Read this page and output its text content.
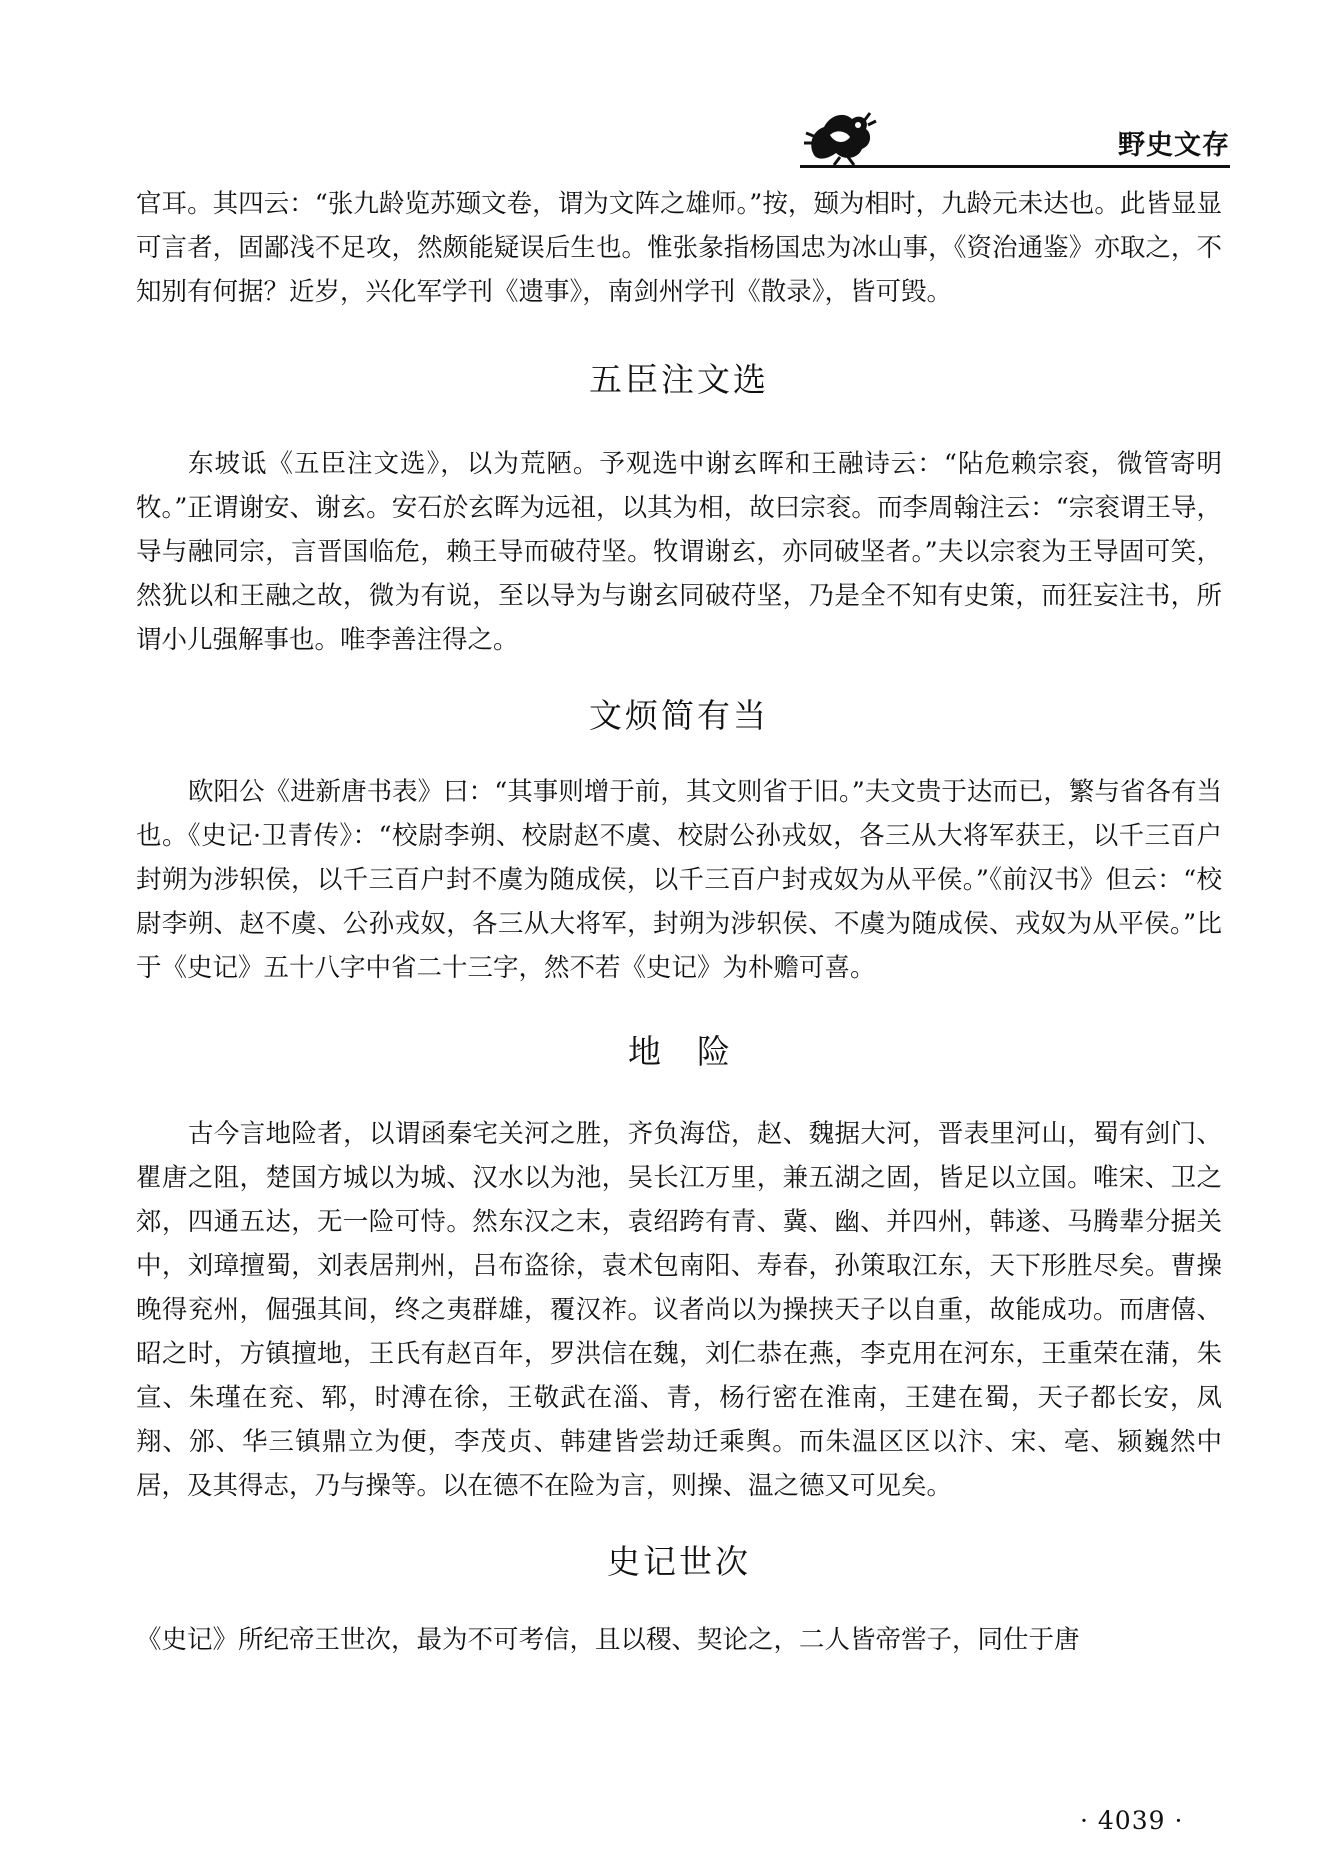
野史文存

官耳。其四云：“张九龄览苏颋文卷，谓为文阵之雄师。”按，颋为相时，九龄元未达也。此皆显显可言者，固鄙浅不足攻，然颇能疑误后生也。惟张彖指杨国忠为冰山事，《资治通鉴》亦取之，不知别有何据？近岁，兴化军学刊《遗事》，南剑州学刊《散录》，皆可毁。

五臣注文选

东坡诋《五臣注文选》，以为荒陋。予观选中谢玄晖和王融诗云：“阽危赖宗衮，微管寄明牧。”正谓谢安、谢玄。安石於玄晖为远祖，以其为相，故曰宗衮。而李周翰注云：“宗衮谓王导，导与融同宗，言晋国临危，赖王导而破苻坚。牧谓谢玄，亦同破坚者。”夫以宗衮为王导固可笑，然犹以和王融之故，微为有说，至以导为与谢玄同破苻坚，乃是全不知有史策，而狂妄注书，所谓小儿强解事也。唯李善注得之。

文烦简有当

欧阳公《进新唐书表》曰：“其事则增于前，其文则省于旧。”夫文贵于达而已，繁与省各有当也。《史记·卫青传》：“校尉李朔、校尉赵不虞、校尉公孙戎奴，各三从大将军获王，以千三百户封朔为涉轵侯，以千三百户封不虞为随成侯，以千三百户封戎奴为从平侯。”《前汉书》但云：“校尉李朔、赵不虞、公孙戎奴，各三从大将军，封朔为涉轵侯、不虞为随成侯、戎奴为从平侯。”比于《史记》五十八字中省二十三字，然不若《史记》为朴赡可喜。

地险

古今言地险者，以谓函秦宅关河之胜，齐负海岱，赵、魏据大河，晋表里河山，蜀有剑门、瞿唐之阻，楚国方城以为城、汉水以为池，吴长江万里，兼五湖之固，皆足以立国。唯宋、卫之郊，四通五达，无一险可恃。然东汉之末，袁绍跨有青、冀、幽、并四州，韩遂、马腾辈分据关中，刘璋擅蜀，刘表居荆州，吕布盗徐，袁术包南阳、寿春，孙策取江东，天下形胜尽矣。曹操晚得兖州，倔强其间，终之夷群雄，覆汉祚。议者尚以为操挟天子以自重，故能成功。而唐僖、昭之时，方镇擅地，王氏有赵百年，罗洪信在魏，刘仁恭在燕，李克用在河东，王重荣在蒲，朱宣、朱瑾在兖、郓，时溥在徐，王敬武在淄、青，杨行密在淮南，王建在蜀，天子都长安，凤翔、邠、华三镇鼎立为便，李茂贞、韩建皆尝劫迁乘舆。而朱温区区以汴、宋、亳、颍巍然中居，及其得志，乃与操等。以在德不在险为言，则操、温之德又可见矣。

史记世次

《史记》所纪帝王世次，最为不可考信，且以稷、契论之，二人皆帝喾子，同仕于唐

· 4039 ·
